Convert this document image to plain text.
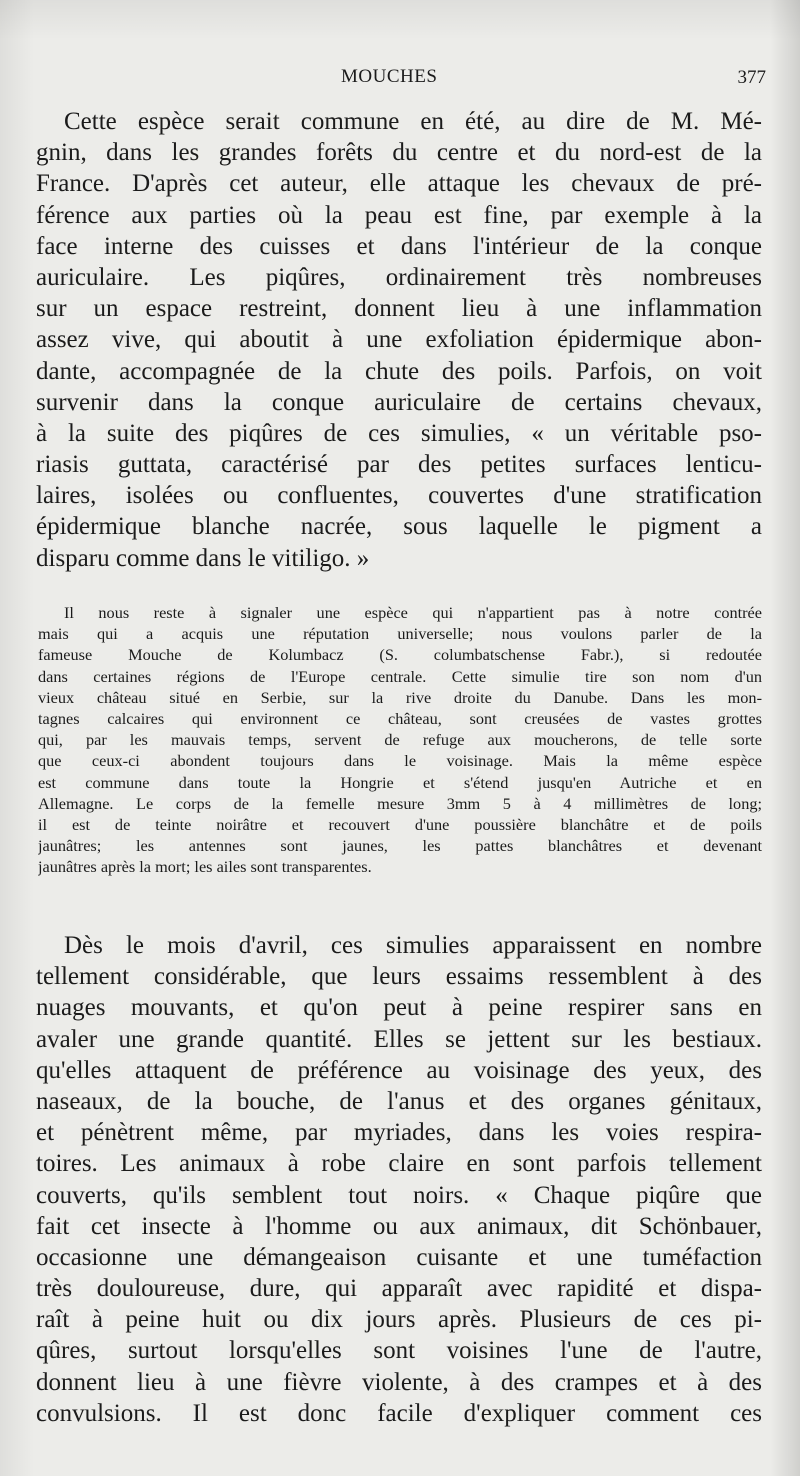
MOUCHES	377
Cette espèce serait commune en été, au dire de M. Mé-
gnin, dans les grandes forêts du centre et du nord-est de la
France. D'après cet auteur, elle attaque les chevaux de pré-
férence aux parties où la peau est fine, par exemple à la
face interne des cuisses et dans l'intérieur de la conque
auriculaire. Les piqûres, ordinairement très nombreuses
sur un espace restreint, donnent lieu à une inflammation
assez vive, qui aboutit à une exfoliation épidermique abon-
dante, accompagnée de la chute des poils. Parfois, on voit
survenir dans la conque auriculaire de certains chevaux,
à la suite des piqûres de ces simulies, « un véritable pso-
riasis guttata, caractérisé par des petites surfaces lenticu-
laires, isolées ou confluentes, couvertes d'une stratification
épidermique blanche nacrée, sous laquelle le pigment a
disparu comme dans le vitiligo. »
Il nous reste à signaler une espèce qui n'appartient pas à notre contrée
mais qui a acquis une réputation universelle; nous voulons parler de la
fameuse Mouche de Kolumbacz (S. columbatschense Fabr.), si redoutée
dans certaines régions de l'Europe centrale. Cette simulie tire son nom d'un
vieux château situé en Serbie, sur la rive droite du Danube. Dans les mon-
tagnes calcaires qui environnent ce château, sont creusées de vastes grottes
qui, par les mauvais temps, servent de refuge aux moucherons, de telle sorte
que ceux-ci abondent toujours dans le voisinage. Mais la même espèce
est commune dans toute la Hongrie et s'étend jusqu'en Autriche et en
Allemagne. Le corps de la femelle mesure 3mm 5 à 4 millimètres de long;
il est de teinte noirâtre et recouvert d'une poussière blanchâtre et de poils
jaunâtres; les antennes sont jaunes, les pattes blanchâtres et devenant
jaunâtres après la mort; les ailes sont transparentes.
Dès le mois d'avril, ces simulies apparaissent en nombre
tellement considérable, que leurs essaims ressemblent à des
nuages mouvants, et qu'on peut à peine respirer sans en
avaler une grande quantité. Elles se jettent sur les bestiaux.
qu'elles attaquent de préférence au voisinage des yeux, des
naseaux, de la bouche, de l'anus et des organes génitaux,
et pénètrent même, par myriades, dans les voies respira-
toires. Les animaux à robe claire en sont parfois tellement
couverts, qu'ils semblent tout noirs. « Chaque piqûre que
fait cet insecte à l'homme ou aux animaux, dit Schönbauer,
occasionne une démangeaison cuisante et une tuméfaction
très douloureuse, dure, qui apparaît avec rapidité et dispa-
raît à peine huit ou dix jours après. Plusieurs de ces pi-
qûres, surtout lorsqu'elles sont voisines l'une de l'autre,
donnent lieu à une fièvre violente, à des crampes et à des
convulsions. Il est donc facile d'expliquer comment ces
